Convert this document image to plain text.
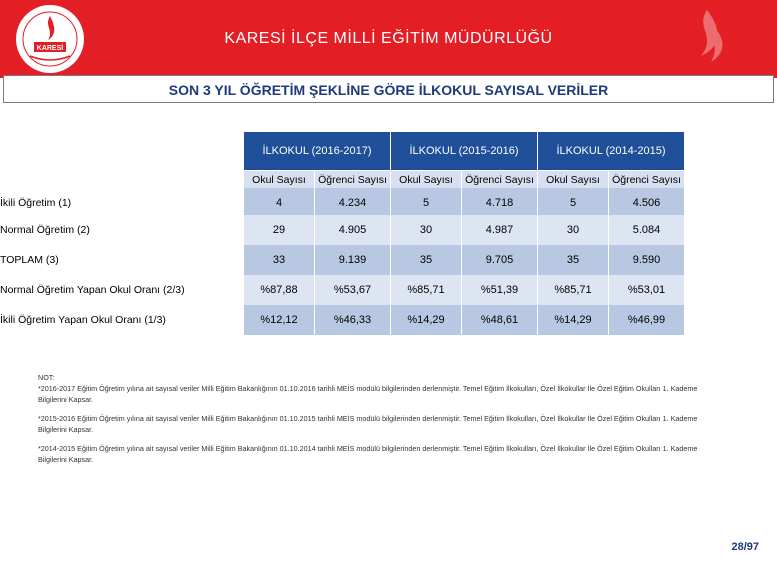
KARESİ
KARESİ İLÇE MİLLİ EĞİTİM MÜDÜRLÜĞÜ
SON 3 YIL ÖĞRETİM ŞEKLİNE GÖRE İLKOKUL SAYISAL VERİLER
İLKOKUL (2016-2017)	İLKOKUL (2015-2016)	İLKOKUL (2014-2015)
Okul Sayısı	Öğrenci Sayısı	Okul Sayısı	Öğrenci Sayısı	Okul Sayısı	Öğrenci Sayısı
İkili Öğretim (1)	4	4.234	5	4.718	5	4.506
Normal Öğretim (2)	29	4.905	30	4.987	30	5.084
TOPLAM (3)	33	9.139	35	9.705	35	9.590
Normal Öğretim Yapan Okul Oranı (2/3)	%87,88	%53,67	%85,71	%51,39	%85,71	%53,01
İkili Öğretim Yapan Okul Oranı (1/3)	%12,12	%46,33	%14,29	%48,61	%14,29	%46,99
NOT:

*2016-2017 Eğitim Öğretim yılına ait sayısal veriler Milli Eğitim Bakanlığının 01.10.2016 tarihli MEİS modülü bilgilerinden derlenmiştir. Temel Eğitim İlkokulları, Özel İlkokullar İle Özel Eğitim Okulları 1. Kademe Bilgilerini Kapsar.

*2015-2016 Eğitim Öğretim yılına ait sayısal veriler Milli Eğitim Bakanlığının 01.10.2015 tarihli MEİS modülü bilgilerinden derlenmiştir. Temel Eğitim İlkokulları, Özel İlkokullar İle Özel Eğitim Okulları 1. Kademe Bilgilerini Kapsar.

*2014-2015 Eğitim Öğretim yılına ait sayısal veriler Milli Eğitim Bakanlığının 01.10.2014 tarihli MEİS modülü bilgilerinden derlenmiştir. Temel Eğitim İlkokulları, Özel İlkokullar İle Özel Eğitim Okulları 1. Kademe Bilgilerini Kapsar.

28/97
